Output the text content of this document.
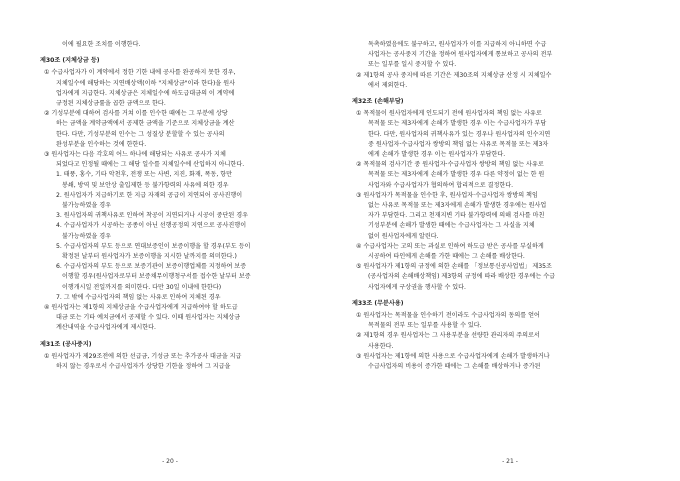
이에 필요한 조치를 이행한다.
제30조 (지체상금 등)
① 수급사업자가 이 계약에서 정한 기한 내에 공사를 완공하지 못한 경우,
지체일수에 해당하는 지연배상액(이하 "지체상금"이라 한다)을 원사
업자에게 지급한다. 지체상금은 지체일수에 하도급대금의 이 계약에
규정된 지체상금률을 곱한 금액으로 한다.
② 기성부분에 대하여 검사를 거쳐 이를 인수한 때에는 그 부분에 상당
하는 금액을 계약금액에서 공제한 금액을 기준으로 지체상금을 계산
한다. 다만, 기성부분의 인수는 그 성질상 분할할 수 있는 공사의
완성부분을 인수하는 것에 한한다.
③ 원사업자는 다음 각호의 어느 하나에 해당되는 사유로 공사가 지체
되었다고 인정될 때에는 그 해당 일수를 지체일수에 산입하지 아니한다.
1. 태풍, 홍수, 기타 악천후, 전쟁 또는 사변, 지진, 화재, 폭동, 항만
봉쇄, 방역 및 보안상 출입제한 등 불가항력의 사유에 의한 경우
2. 원사업자가 지급하기로 한 지급 자재의 공급이 지연되어 공사진행이
불가능하였을 경우
3. 원사업자의 귀책사유로 인하여 착공이 지연되거나 시공이 중단된 경우
4. 수급사업자가 시공하는 공종이 아닌 선행공정의 지연으로 공사진행이
불가능하였을 경우
5. 수급사업자의 부도 등으로 연대보증인이 보증이행을 할 경우(부도 등이
확정된 날부터 원사업자가 보증이행을 지시한 날까지를 의미한다.)
6. 수급사업자의 부도 등으로 보증기관이 보증이행업체를 지정하여 보증
이행할 경우(원사업자로부터 보증채무이행청구서를 접수한 날부터 보증
이행개시일 전일까지를 의미한다. 다만 30일 이내에 한한다)
7. 그 밖에 수급사업자의 책임 없는 사유로 인하여 지체된 경우
④ 원사업자는 제1항의 지체상금을 수급사업자에게 지급하여야 할 하도급
대금 또는 기타 예치금에서 공제할 수 있다. 이때 원사업자는 지체상금
계산내역을 수급사업자에게 제시한다.
제31조 (공사중지)
① 원사업자가 제29조전에 의한 선급금, 기성금 또는 추가공사 대금을 지급
하지 않는 경우로서 수급사업자가 상당한 기한을 정하여 그 지급을
- 20 -
독촉하였음에도 불구하고, 원사업자가 이를 지급하지 아니하면 수급
사업자는 공사중지 기간을 정하여 원사업자에게 통보하고 공사의 전부
또는 일부를 일시 중지할 수 있다.
② 제1항의 공사 중지에 따른 기간은 제30조의 지체상금 산정 시 지체일수
에서 제외한다.
제32조 (손해부담)
① 목적물이 원사업자에게 인도되기 전에 원사업자의 책임 없는 사유로
목적물 또는 제3자에게 손해가 발생한 경우 이는 수급사업자가 부담
한다. 다만, 원사업자의 귀책사유가 있는 경우나 원사업자의 인수지연
중 원사업자·수급사업자 쌍방의 책임 없는 사유로 목적물 또는 제3자
에게 손해가 발생한 경우 이는 원사업자가 부담한다.
② 목적물의 검사기간 중 원사업자·수급사업자 쌍방의 책임 없는 사유로
목적물 또는 제3자에게 손해가 발생한 경우 다른 약정이 없는 한 원
사업자와 수급사업자가 협의하여 합리적으로 결정한다.
③ 원사업자가 목적물을 인수한 후, 원사업자·수급사업자 쌍방의 책임
없는 사유로 목적물 또는 제3자에게 손해가 발생한 경우에는 원사업
자가 부담한다. 그리고 천재지변 기타 불가항력에 의해 검사를 마친
기성부분에 손해가 발생한 때에는 수급사업자는 그 사실을 지체
없이 원사업자에게 알린다.
④ 수급사업자는 고의 또는 과실로 인하여 하도급 받은 공사를 부실하게
시공하여 타인에게 손해를 가한 때에는 그 손해를 배상한다.
⑤ 원사업자가 제1항의 규정에 의한 손해를 「정보통신공사업법」 제35조
(공사업자의 손해배상책임) 제3항의 규정에 따라 배상한 경우에는 수급
사업자에게 구상권을 행사할 수 있다.
제33조 (무분사용)
① 원사업자는 목적물을 인수하기 전이라도 수급사업자의 동의를 얻어
목적물의 전부 또는 일부를 사용할 수 있다.
② 제1항의 경우 원사업자는 그 사용부분을 선량한 관리자의 주의로서
사용한다.
③ 원사업자는 제1항에 의한 사용으로 수급사업자에게 손해가 발생하거나
수급사업자의 비용이 증가한 때에는 그 손해를 배상하거나 증가된
- 21 -
